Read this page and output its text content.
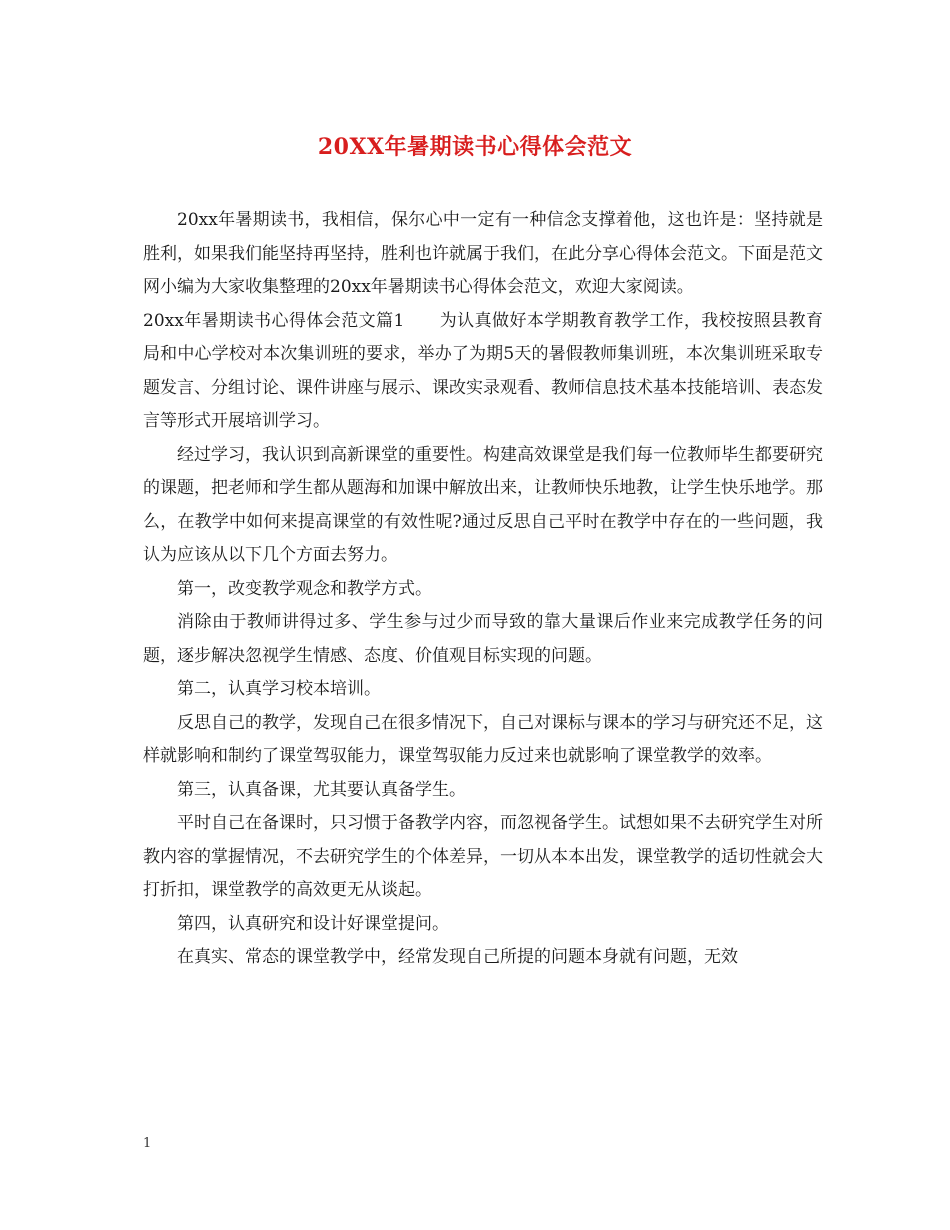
20XX年暑期读书心得体会范文

20xx年暑期读书，我相信，保尔心中一定有一种信念支撑着他，这也许是：坚持就是胜利，如果我们能坚持再坚持，胜利也许就属于我们，在此分享心得体会范文。下面是范文网小编为大家收集整理的20xx年暑期读书心得体会范文，欢迎大家阅读。

20xx年暑期读书心得体会范文篇1　　为认真做好本学期教育教学工作，我校按照县教育局和中心学校对本次集训班的要求，举办了为期5天的暑假教师集训班，本次集训班采取专题发言、分组讨论、课件讲座与展示、课改实录观看、教师信息技术基本技能培训、表态发言等形式开展培训学习。

经过学习，我认识到高新课堂的重要性。构建高效课堂是我们每一位教师毕生都要研究的课题，把老师和学生都从题海和加课中解放出来，让教师快乐地教，让学生快乐地学。那么，在教学中如何来提高课堂的有效性呢?通过反思自己平时在教学中存在的一些问题，我认为应该从以下几个方面去努力。

第一，改变教学观念和教学方式。

消除由于教师讲得过多、学生参与过少而导致的靠大量课后作业来完成教学任务的问题，逐步解决忽视学生情感、态度、价值观目标实现的问题。

第二，认真学习校本培训。

反思自己的教学，发现自己在很多情况下，自己对课标与课本的学习与研究还不足，这样就影响和制约了课堂驾驭能力，课堂驾驭能力反过来也就影响了课堂教学的效率。

第三，认真备课，尤其要认真备学生。

平时自己在备课时，只习惯于备教学内容，而忽视备学生。试想如果不去研究学生对所教内容的掌握情况，不去研究学生的个体差异，一切从本本出发，课堂教学的适切性就会大打折扣，课堂教学的高效更无从谈起。

第四，认真研究和设计好课堂提问。

在真实、常态的课堂教学中，经常发现自己所提的问题本身就有问题，无效

1
